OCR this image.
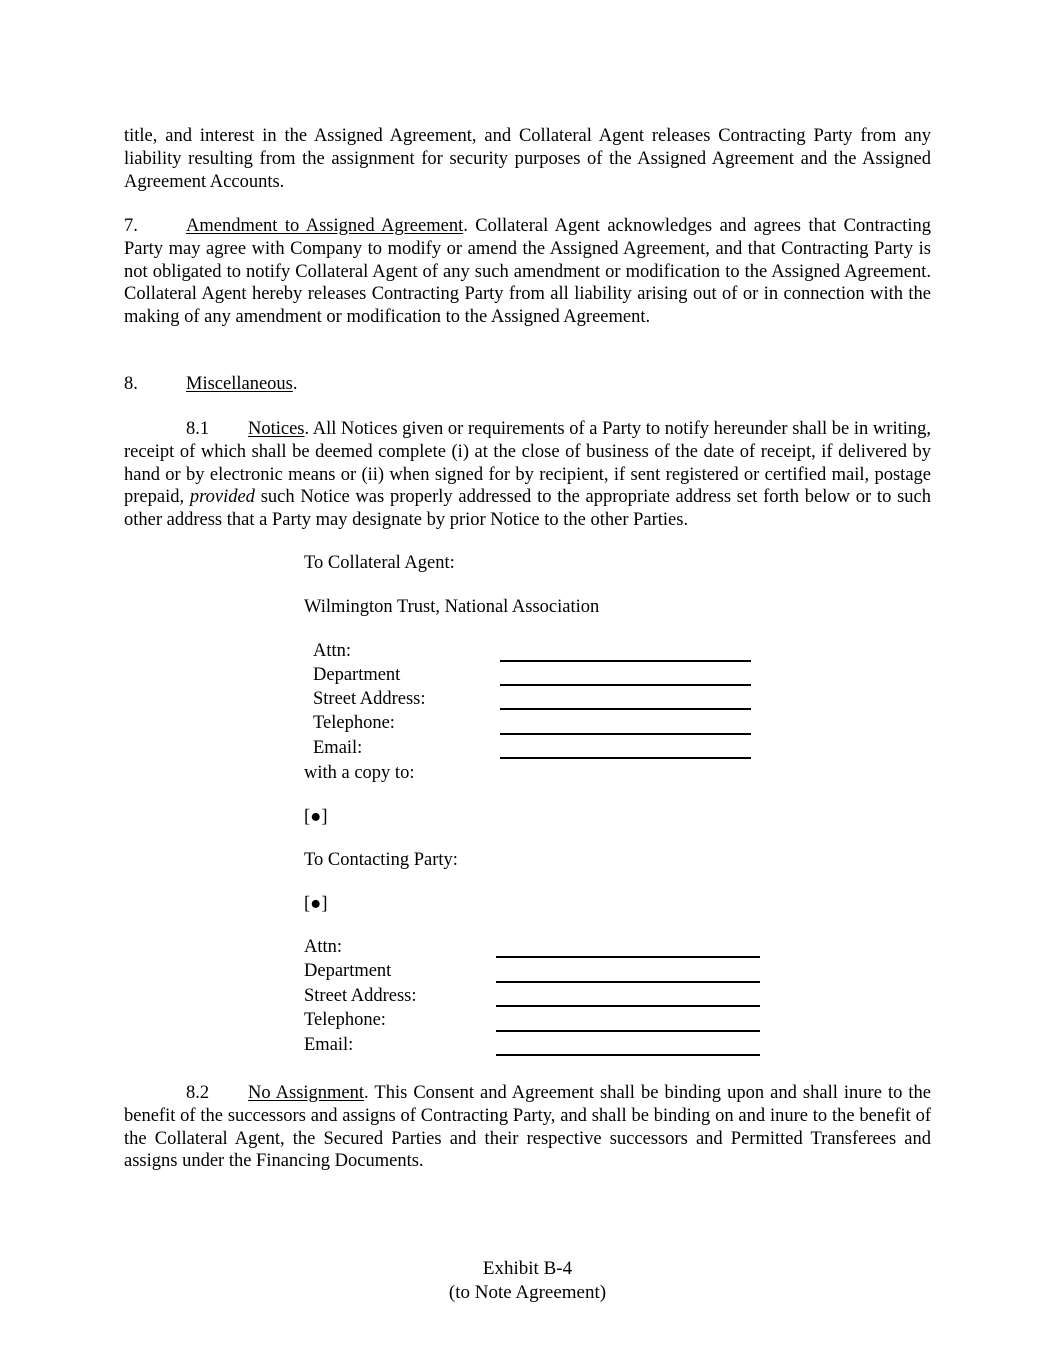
title, and interest in the Assigned Agreement, and Collateral Agent releases Contracting Party from any liability resulting from the assignment for security purposes of the Assigned Agreement and the Assigned Agreement Accounts.
7.	Amendment to Assigned Agreement. Collateral Agent acknowledges and agrees that Contracting Party may agree with Company to modify or amend the Assigned Agreement, and that Contracting Party is not obligated to notify Collateral Agent of any such amendment or modification to the Assigned Agreement. Collateral Agent hereby releases Contracting Party from all liability arising out of or in connection with the making of any amendment or modification to the Assigned Agreement.
8.	Miscellaneous.
8.1 Notices. All Notices given or requirements of a Party to notify hereunder shall be in writing, receipt of which shall be deemed complete (i) at the close of business of the date of receipt, if delivered by hand or by electronic means or (ii) when signed for by recipient, if sent registered or certified mail, postage prepaid, provided such Notice was properly addressed to the appropriate address set forth below or to such other address that a Party may designate by prior Notice to the other Parties.
To Collateral Agent:
Wilmington Trust, National Association
Attn:
Department
Street Address:
Telephone:
Email:
with a copy to:
[●]
To Contacting Party:
[●]
Attn:
Department
Street Address:
Telephone:
Email:
8.2 No Assignment. This Consent and Agreement shall be binding upon and shall inure to the benefit of the successors and assigns of Contracting Party, and shall be binding on and inure to the benefit of the Collateral Agent, the Secured Parties and their respective successors and Permitted Transferees and assigns under the Financing Documents.
Exhibit B-4
(to Note Agreement)
